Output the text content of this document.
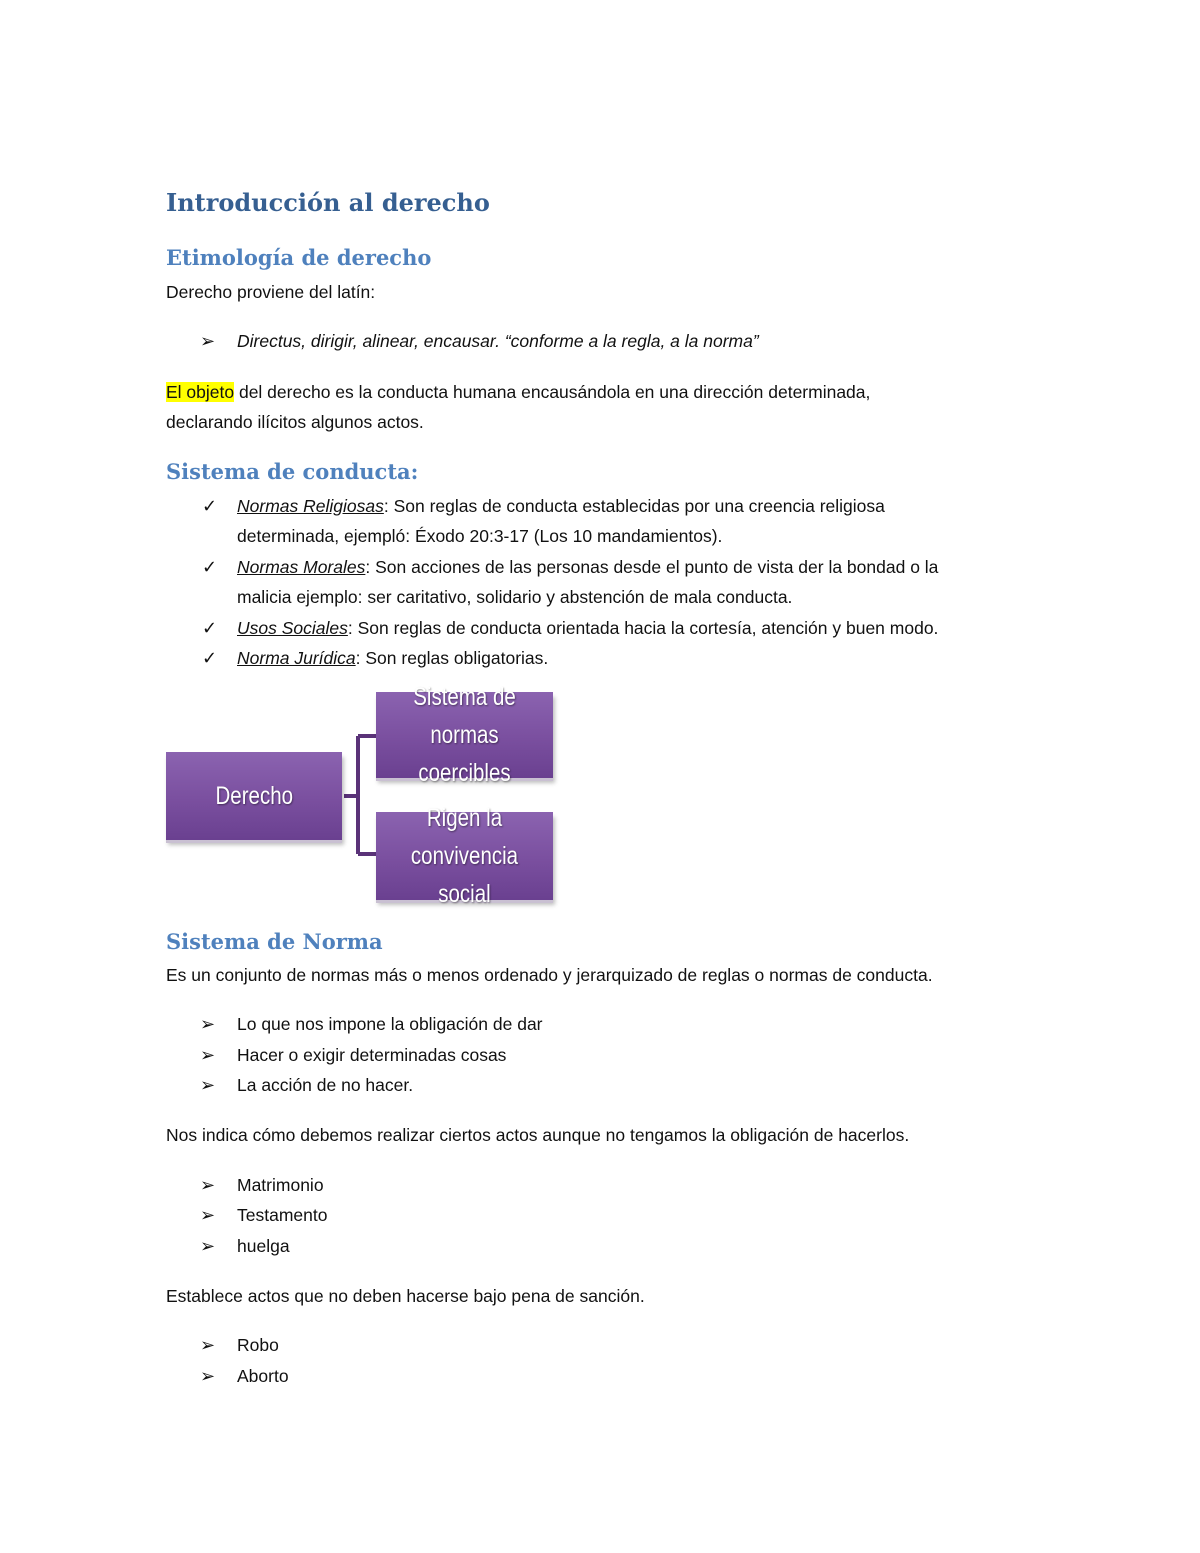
Introducción al derecho
Etimología de derecho
Derecho proviene del latín:
➢ Directus, dirigir, alinear, encausar. “conforme a la regla, a la norma”
El objeto del derecho es la conducta humana encausándola en una dirección determinada,
declarando ilícitos algunos actos.
Sistema de conducta:
✓ Normas Religiosas: Son reglas de conducta establecidas por una creencia religiosa
determinada, ejempló: Éxodo 20:3-17 (Los 10 mandamientos).
✓ Normas Morales: Son acciones de las personas desde el punto de vista der la bondad o la
malicia ejemplo: ser caritativo, solidario y abstención de mala conducta.
✓ Usos Sociales: Son reglas de conducta orientada hacia la cortesía, atención y buen modo.
✓ Norma Jurídica: Son reglas obligatorias.
Derecho
Sistema de normas coercibles
Rigen la convivencia social
Sistema de Norma
Es un conjunto de normas más o menos ordenado y jerarquizado de reglas o normas de conducta.
➢ Lo que nos impone la obligación de dar
➢ Hacer o exigir determinadas cosas
➢ La acción de no hacer.
Nos indica cómo debemos realizar ciertos actos aunque no tengamos la obligación de hacerlos.
➢ Matrimonio
➢ Testamento
➢ huelga
Establece actos que no deben hacerse bajo pena de sanción.
➢ Robo
➢ Aborto
